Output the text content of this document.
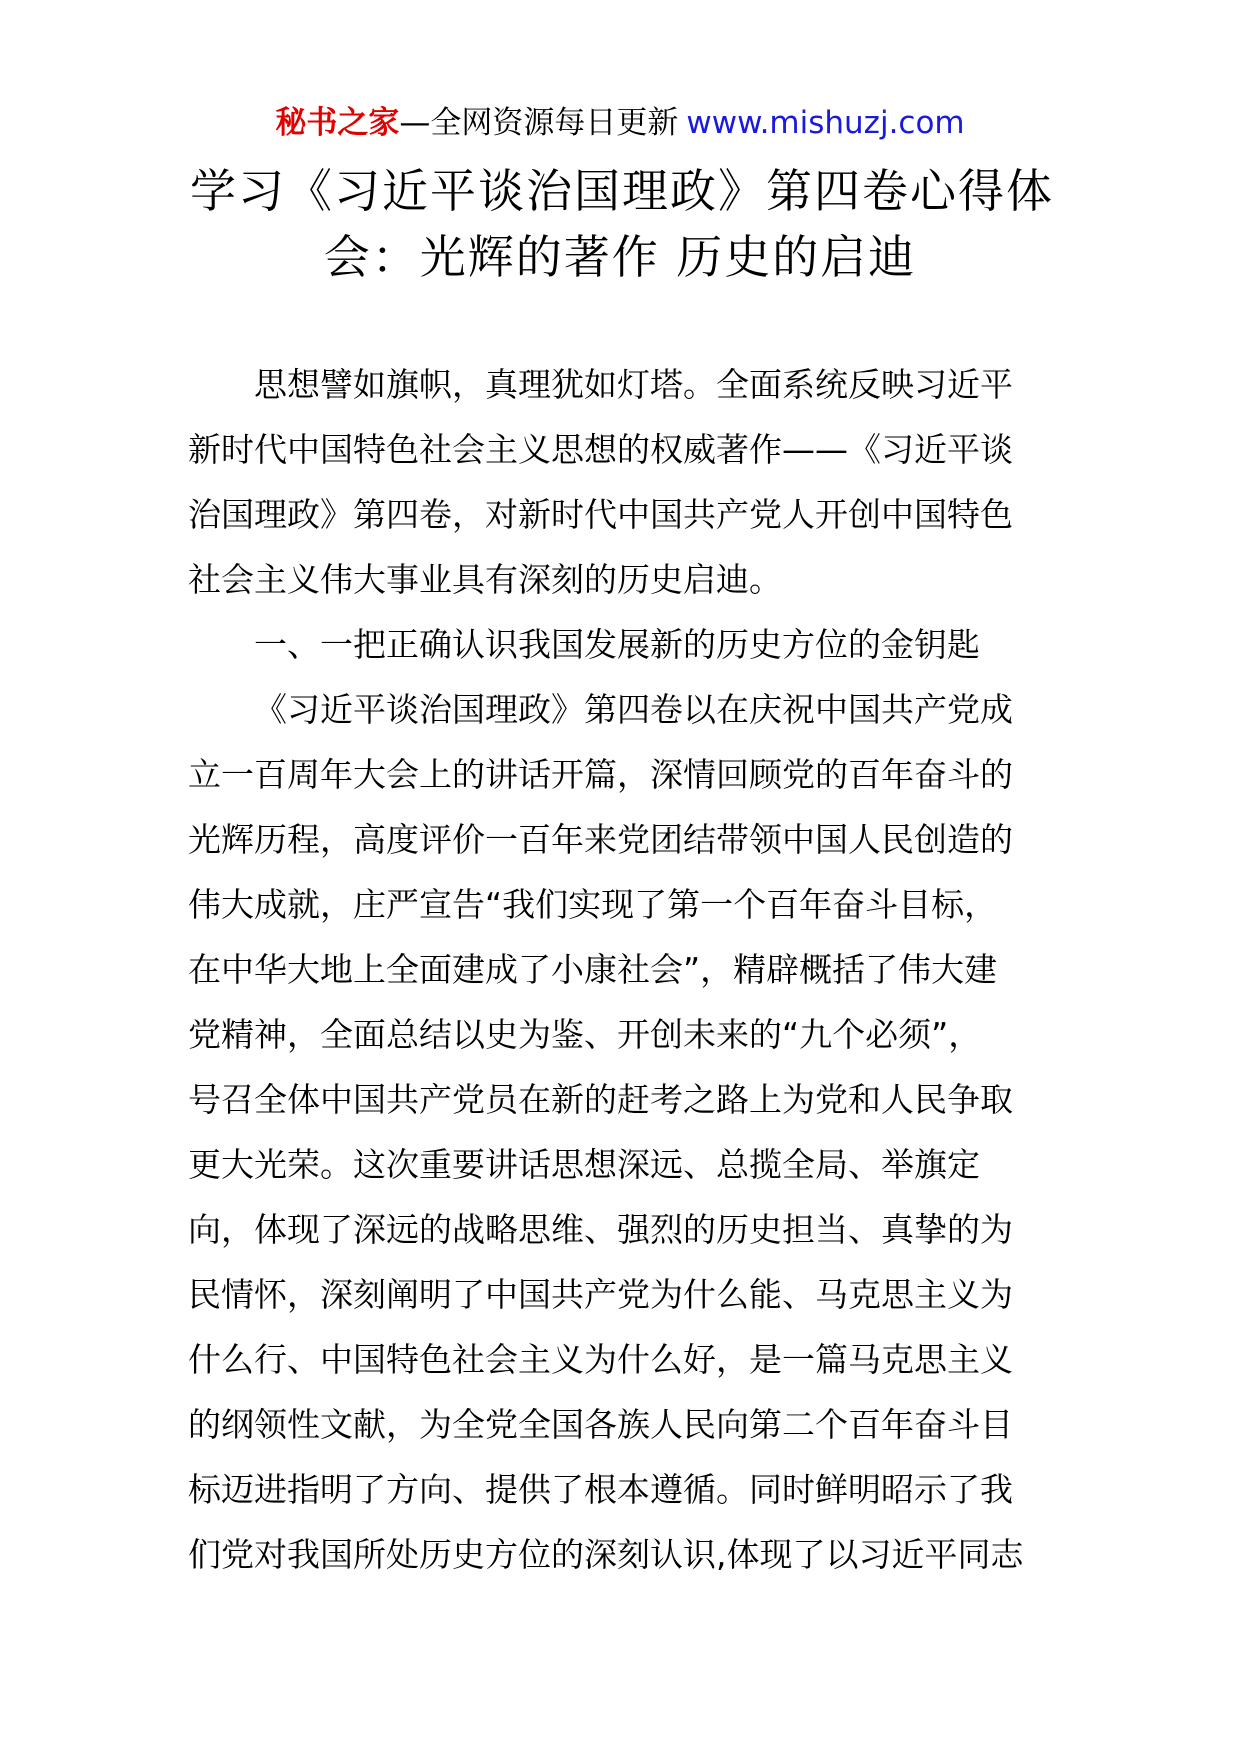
秘书之家—全网资源每日更新 www.mishuzj.com
学习《习近平谈治国理政》第四卷心得体
会：光辉的著作 历史的启迪
思想譬如旗帜，真理犹如灯塔。全面系统反映习近平
新时代中国特色社会主义思想的权威著作——《习近平谈
治国理政》第四卷，对新时代中国共产党人开创中国特色
社会主义伟大事业具有深刻的历史启迪。
一、一把正确认识我国发展新的历史方位的金钥匙
《习近平谈治国理政》第四卷以在庆祝中国共产党成
立一百周年大会上的讲话开篇，深情回顾党的百年奋斗的
光辉历程，高度评价一百年来党团结带领中国人民创造的
伟大成就，庄严宣告“我们实现了第一个百年奋斗目标，
在中华大地上全面建成了小康社会”，精辟概括了伟大建
党精神，全面总结以史为鉴、开创未来的“九个必须”，
号召全体中国共产党员在新的赶考之路上为党和人民争取
更大光荣。这次重要讲话思想深远、总揽全局、举旗定
向，体现了深远的战略思维、强烈的历史担当、真挚的为
民情怀，深刻阐明了中国共产党为什么能、马克思主义为
什么行、中国特色社会主义为什么好，是一篇马克思主义
的纲领性文献，为全党全国各族人民向第二个百年奋斗目
标迈进指明了方向、提供了根本遵循。同时鲜明昭示了我
们党对我国所处历史方位的深刻认识,体现了以习近平同志
